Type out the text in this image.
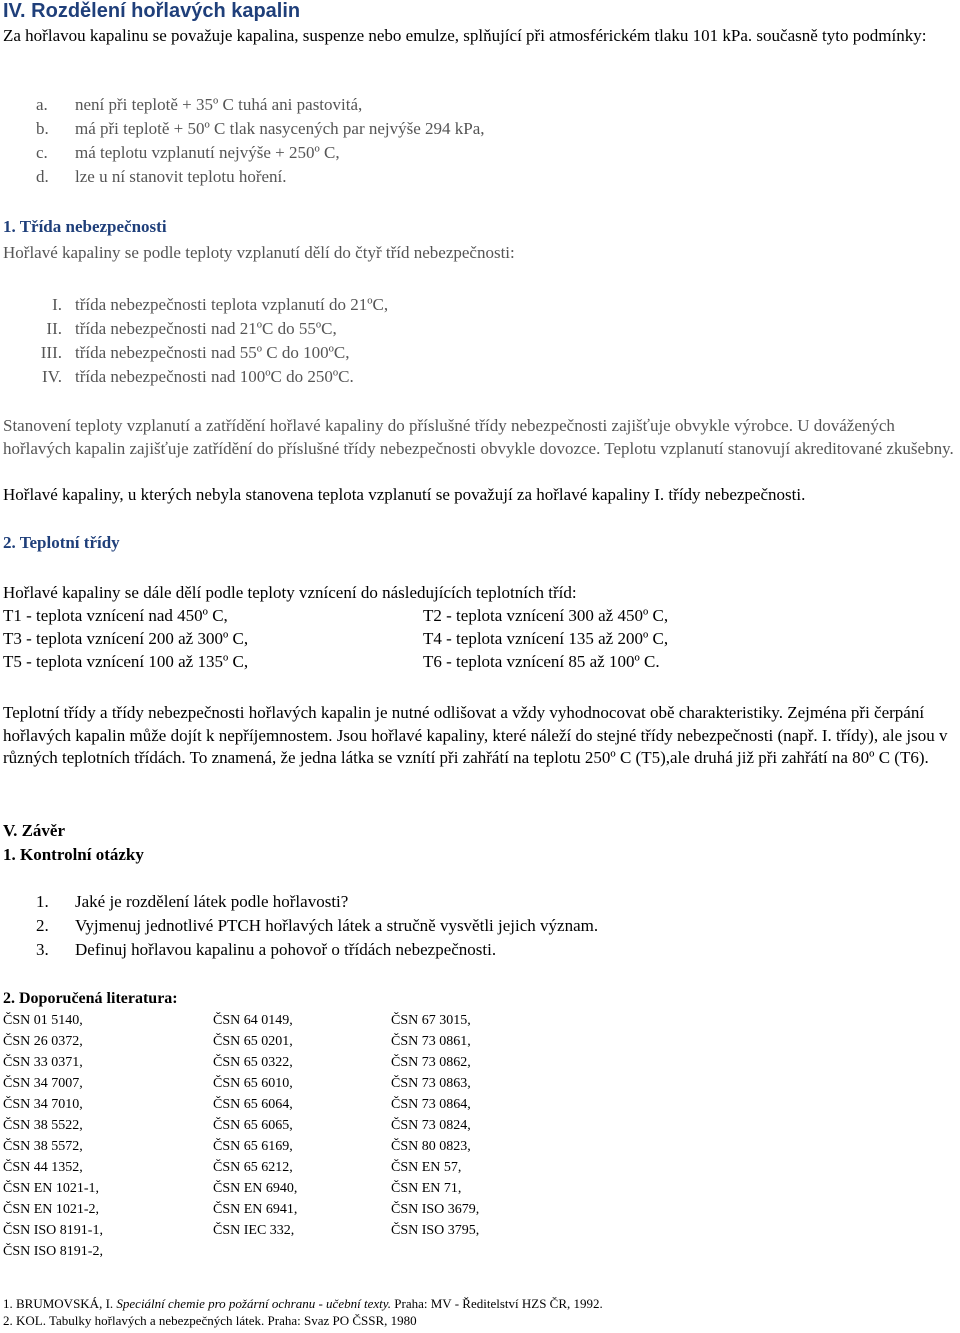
IV. Rozdělení hořlavých kapalin
Za hořlavou kapalinu se považuje kapalina, suspenze nebo emulze, splňující při atmosférickém tlaku 101 kPa. současně tyto podmínky:
a. není při teplotě + 35º C tuhá ani pastovitá,
b. má při teplotě + 50º C tlak nasycených par nejvýše 294 kPa,
c. má teplotu vzplanutí nejvýše + 250º C,
d. lze u ní stanovit teplotu hoření.
1. Třída nebezpečnosti
Hořlavé kapaliny se podle teploty vzplanutí dělí do čtyř tříd nebezpečnosti:
I. třída nebezpečnosti teplota vzplanutí do 21ºC,
II. třída nebezpečnosti nad 21ºC do 55ºC,
III. třída nebezpečnosti nad 55º C do 100ºC,
IV. třída nebezpečnosti nad 100ºC do 250ºC.
Stanovení teploty vzplanutí a zatřídění hořlavé kapaliny do příslušné třídy nebezpečnosti zajišťuje obvykle výrobce. U dovážených hořlavých kapalin zajišťuje zatřídění do příslušné třídy nebezpečnosti obvykle dovozce. Teplotu vzplanutí stanovují akreditované zkušebny.
Hořlavé kapaliny, u kterých nebyla stanovena teplota vzplanutí se považují za hořlavé kapaliny I. třídy nebezpečnosti.
2. Teplotní třídy
Hořlavé kapaliny se dále dělí podle teploty vznícení do následujících teplotních tříd:
T1 - teplota vznícení nad 450º C,	T2 - teplota vznícení 300 až 450º C,
T3 - teplota vznícení 200 až 300º C,	T4 - teplota vznícení 135 až 200º C,
T5 - teplota vznícení 100 až 135º C,	T6 - teplota vznícení 85 až 100º C.
Teplotní třídy a třídy nebezpečnosti hořlavých kapalin je nutné odlišovat a vždy vyhodnocovat obě charakteristiky. Zejména při čerpání hořlavých kapalin může dojít k nepříjemnostem. Jsou hořlavé kapaliny, které náleží do stejné třídy nebezpečnosti (např. I. třídy), ale jsou v různých teplotních třídách. To znamená, že jedna látka se vznítí při zahřátí na teplotu 250º C (T5),ale druhá již při zahřátí na 80º C (T6).
V. Závěr
1. Kontrolní otázky
1. Jaké je rozdělení látek podle hořlavosti?
2. Vyjmenuj jednotlivé PTCH hořlavých látek a stručně vysvětli jejich význam.
3. Definuj hořlavou kapalinu a pohovoř o třídách nebezpečnosti.
2. Doporučená literatura:
ČSN 01 5140,	ČSN 64 0149,	ČSN 67 3015,
ČSN 26 0372,	ČSN 65 0201,	ČSN 73 0861,
ČSN 33 0371,	ČSN 65 0322,	ČSN 73 0862,
ČSN 34 7007,	ČSN 65 6010,	ČSN 73 0863,
ČSN 34 7010,	ČSN 65 6064,	ČSN 73 0864,
ČSN 38 5522,	ČSN 65 6065,	ČSN 73 0824,
ČSN 38 5572,	ČSN 65 6169,	ČSN 80 0823,
ČSN 44 1352,	ČSN 65 6212,	ČSN EN 57,
ČSN EN 1021-1,	ČSN EN 6940,	ČSN EN 71,
ČSN EN 1021-2,	ČSN EN 6941,	ČSN ISO 3679,
ČSN ISO 8191-1,	ČSN IEC 332,	ČSN ISO 3795,
ČSN ISO 8191-2,
1. BRUMOVSKÁ, I. Speciální chemie pro požární ochranu - učební texty. Praha: MV - Ředitelství HZS ČR, 1992.
2. KOL. Tabulky hořlavých a nebezpečných látek. Praha: Svaz PO ČSSR, 1980
